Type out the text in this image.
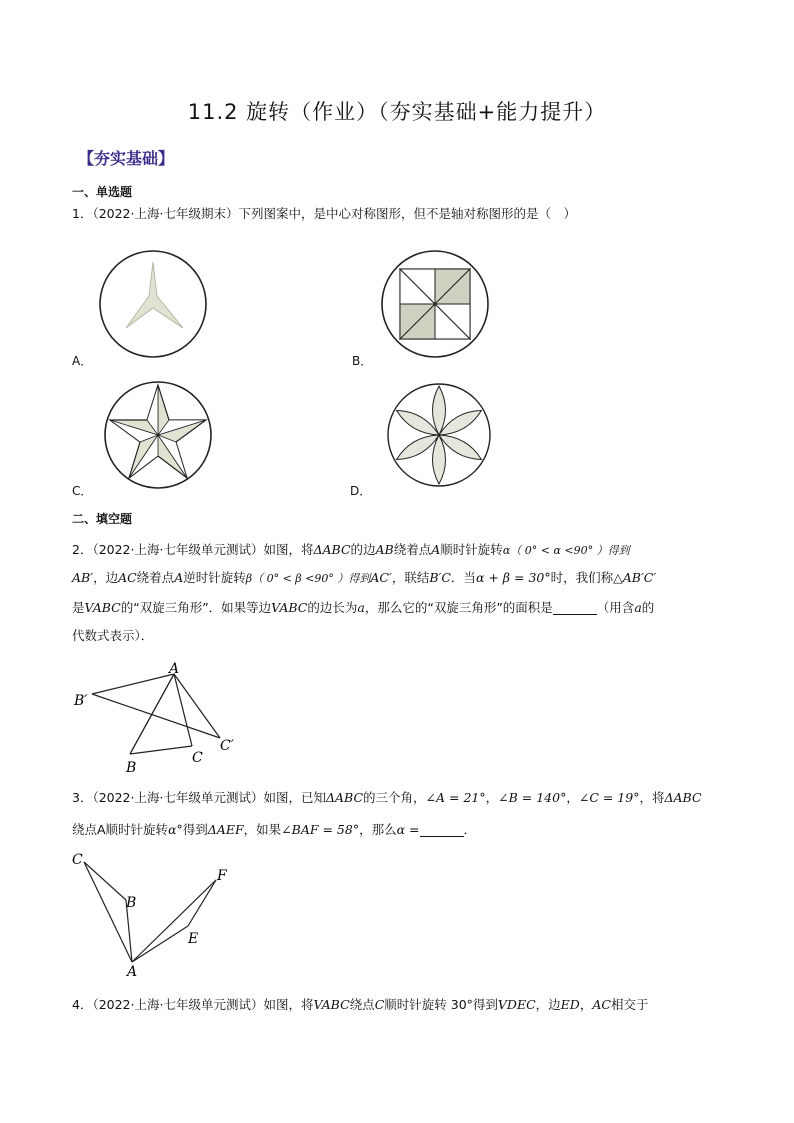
11.2 旋转（作业）（夯实基础+能力提升）
【夯实基础】
一、单选题
1．（2022·上海·七年级期末）下列图案中，是中心对称图形，但不是轴对称图形的是（　）
A．	B．
C．	D．
二、填空题
2．（2022·上海·七年级单元测试）如图，将ΔABC的边AB绕着点A顺时针旋转α（ 0° < α <90° ）得到
AB′，边AC绕着点A逆时针旋转β（ 0° < β <90° ）得到AC′，联结B′C．当α + β = 30°时，我们称△AB′C′
是VABC的“双旋三角形”．如果等边VABC的边长为a，那么它的“双旋三角形”的面积是	（用含a的
代数式表示）．
A
B′
C′
B
C
3．（2022·上海·七年级单元测试）如图，已知ΔABC的三个角，∠A = 21°，∠B = 140°，∠C = 19°，将ΔABC
绕点A顺时针旋转α°得到ΔAEF，如果∠BAF = 58°，那么α =	．
C
B
F
E
A
4．（2022·上海·七年级单元测试）如图，将VABC绕点C顺时针旋转 30°得到VDEC，边ED，AC相交于
